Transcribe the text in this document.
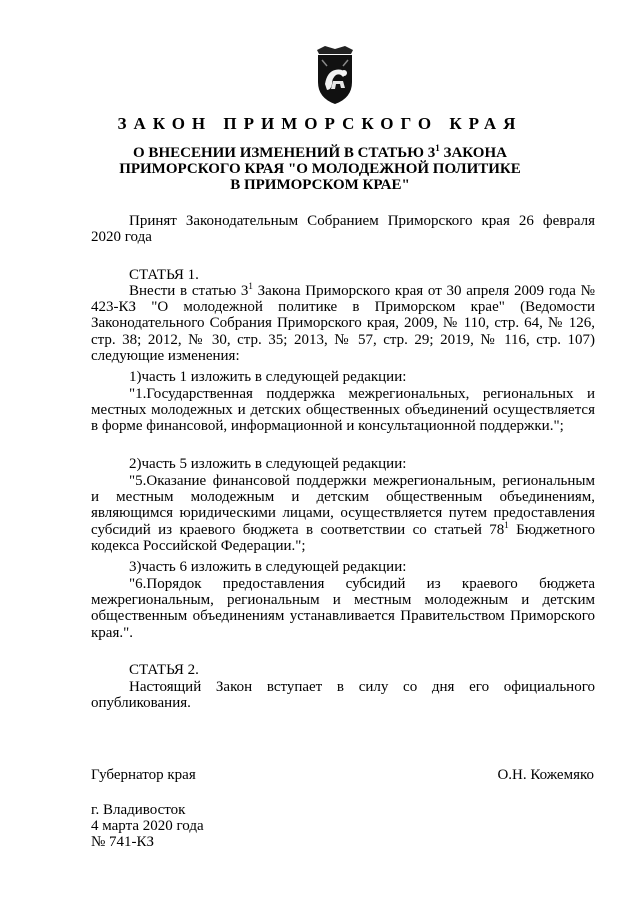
ЗАКОН ПРИМОРСКОГО КРАЯ
О ВНЕСЕНИИ ИЗМЕНЕНИЙ В СТАТЬЮ $3^1$ ЗАКОНА
ПРИМОРСКОГО КРАЯ "О МОЛОДЕЖНОЙ ПОЛИТИКЕ
В ПРИМОРСКОМ КРАЕ"

Принят Законодательным Собранием Приморского края 26 февраля 2020 года

СТАТЬЯ 1.

Внести в статью $3^1$ Закона Приморского края от 30 апреля 2009 года № 423-КЗ "О молодежной политике в Приморском крае" (Ведомости Законодательного Собрания Приморского края, 2009, № 110, стр. 64, № 126, стр. 38; 2012, № 30, стр. 35; 2013, № 57, стр. 29; 2019, № 116, стр. 107) следующие изменения:

1)часть 1 изложить в следующей редакции:

"1.Государственная поддержка межрегиональных, региональных и местных молодежных и детских общественных объединений осуществляется в форме финансовой, информационной и консультационной поддержки.";

2)часть 5 изложить в следующей редакции:

"5.Оказание финансовой поддержки межрегиональным, региональным и местным молодежным и детским общественным объединениям, являющимся юридическими лицами, осуществляется путем предоставления субсидий из краевого бюджета в соответствии со статьей $78^1$ Бюджетного кодекса Российской Федерации.";

3)часть 6 изложить в следующей редакции:

"6.Порядок предоставления субсидий из краевого бюджета межрегиональным, региональным и местным молодежным и детским общественным объединениям устанавливается Правительством Приморского края.".

СТАТЬЯ 2.

Настоящий Закон вступает в силу со дня его официального опубликования.

Губернатор края	О.Н. Кожемяко
г. Владивосток
4 марта 2020 года
№ 741-КЗ
